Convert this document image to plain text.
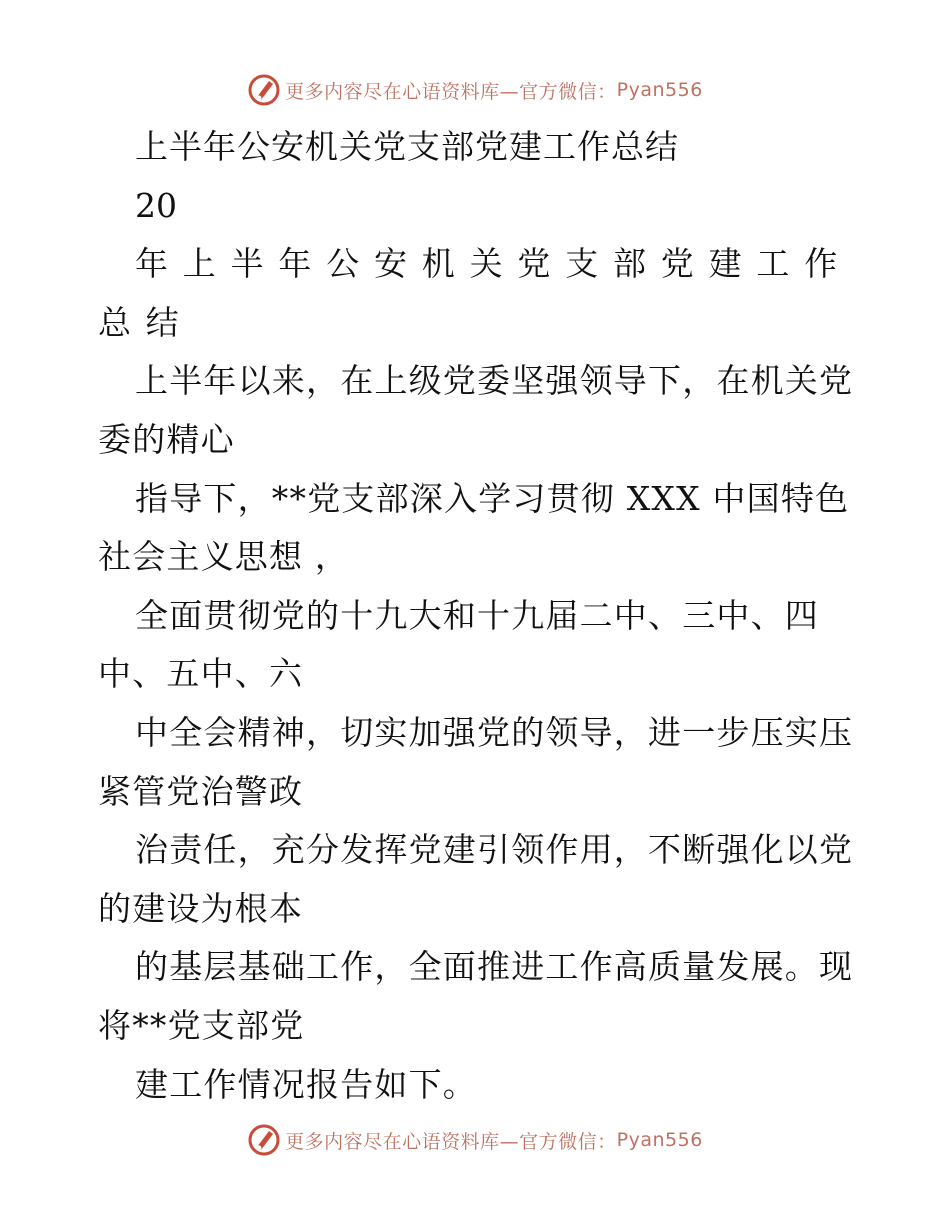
更多内容尽在心语资料库—官方微信： Pyan556

上半年公安机关党支部党建工作总结

20

年上半年公安机关党支部党建工作总结

上半年以来，在上级党委坚强领导下，在机关党委的精心

指导下，**党支部深入学习贯彻 XXX 中国特色社会主义思想 ，

全面贯彻党的十九大和十九届二中、三中、四中、五中、六

中全会精神，切实加强党的领导，进一步压实压紧管党治警政

治责任，充分发挥党建引领作用，不断强化以党的建设为根本

的基层基础工作，全面推进工作高质量发展。现将**党支部党

建工作情况报告如下。

更多内容尽在心语资料库—官方微信： Pyan556
